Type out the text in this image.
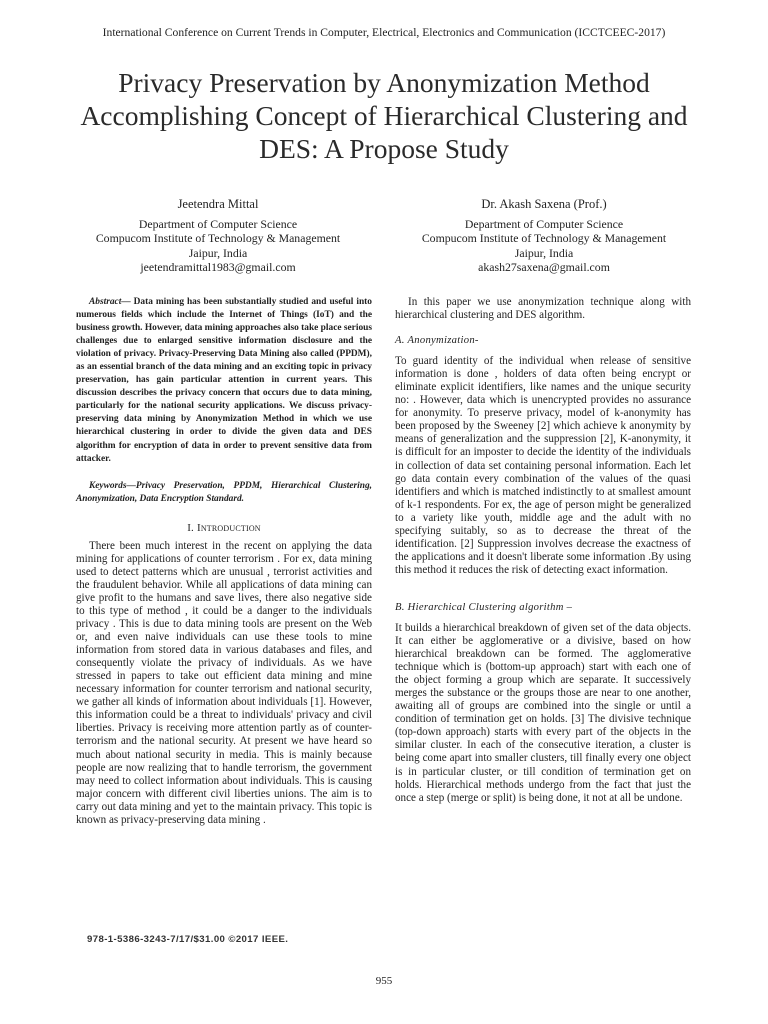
International Conference on Current Trends in Computer, Electrical, Electronics and Communication (ICCTCEEC-2017)
Privacy Preservation by Anonymization Method Accomplishing Concept of Hierarchical Clustering and DES: A Propose Study
Jeetendra Mittal
Department of Computer Science
Compucom Institute of Technology & Management
Jaipur, India
jeetendramittal1983@gmail.com
Dr. Akash Saxena (Prof.)
Department of Computer Science
Compucom Institute of Technology & Management
Jaipur, India
akash27saxena@gmail.com

Abstract— Data mining has been substantially studied and useful into numerous fields which include the Internet of Things (IoT) and the business growth. However, data mining approaches also take place serious challenges due to enlarged sensitive information disclosure and the violation of privacy. Privacy-Preserving Data Mining also called (PPDM), as an essential branch of the data mining and an exciting topic in privacy preservation, has gain particular attention in current years. This discussion describes the privacy concern that occurs due to data mining, particularly for the national security applications. We discuss privacy-preserving data mining by Anonymization Method in which we use hierarchical clustering in order to divide the given data and DES algorithm for encryption of data in order to prevent sensitive data from attacker.

Keywords—Privacy Preservation, PPDM, Hierarchical Clustering, Anonymization, Data Encryption Standard.

I. Introduction

There been much interest in the recent on applying the data mining for applications of counter terrorism . For ex, data mining used to detect patterns which are unusual , terrorist activities and the fraudulent behavior. While all applications of data mining can give profit to the humans and save lives, there also negative side to this type of method , it could be a danger to the individuals privacy . This is due to data mining tools are present on the Web or, and even naive individuals can use these tools to mine information from stored data in various databases and files, and consequently violate the privacy of individuals. As we have stressed in papers to take out efficient data mining and mine necessary information for counter terrorism and national security, we gather all kinds of information about individuals [1]. However, this information could be a threat to individuals' privacy and civil liberties. Privacy is receiving more attention partly as of counter-terrorism and the national security. At present we have heard so much about national security in media. This is mainly because people are now realizing that to handle terrorism, the government may need to collect information about individuals. This is causing major concern with different civil liberties unions. The aim is to carry out data mining and yet to the maintain privacy. This topic is known as privacy-preserving data mining .

In this paper we use anonymization technique along with hierarchical clustering and DES algorithm.

A. Anonymization-

To guard identity of the individual when release of sensitive information is done , holders of data often being encrypt or eliminate explicit identifiers, like names and the unique security no: . However, data which is unencrypted provides no assurance for anonymity. To preserve privacy, model of k-anonymity has been proposed by the Sweeney [2] which achieve k anonymity by means of generalization and the suppression [2], K-anonymity, it is difficult for an imposter to decide the identity of the individuals in collection of data set containing personal information. Each let go data contain every combination of the values of the quasi identifiers and which is matched indistinctly to at smallest amount of k-1 respondents. For ex, the age of person might be generalized to a variety like youth, middle age and the adult with no specifying suitably, so as to decrease the threat of the identification. [2] Suppression involves decrease the exactness of the applications and it doesn't liberate some information .By using this method it reduces the risk of detecting exact information.

B. Hierarchical Clustering algorithm –

It builds a hierarchical breakdown of given set of the data objects. It can either be agglomerative or a divisive, based on how hierarchical breakdown can be formed. The agglomerative technique which is (bottom-up approach) start with each one of the object forming a group which are separate. It successively merges the substance or the groups those are near to one another, awaiting all of groups are combined into the single or until a condition of termination get on holds. [3] The divisive technique (top-down approach) starts with every part of the objects in the similar cluster. In each of the consecutive iteration, a cluster is being come apart into smaller clusters, till finally every one object is in particular cluster, or till condition of termination get on holds. Hierarchical methods undergo from the fact that just the once a step (merge or split) is being done, it not at all be undone.

978-1-5386-3243-7/17/$31.00 ©2017 IEEE.
955
